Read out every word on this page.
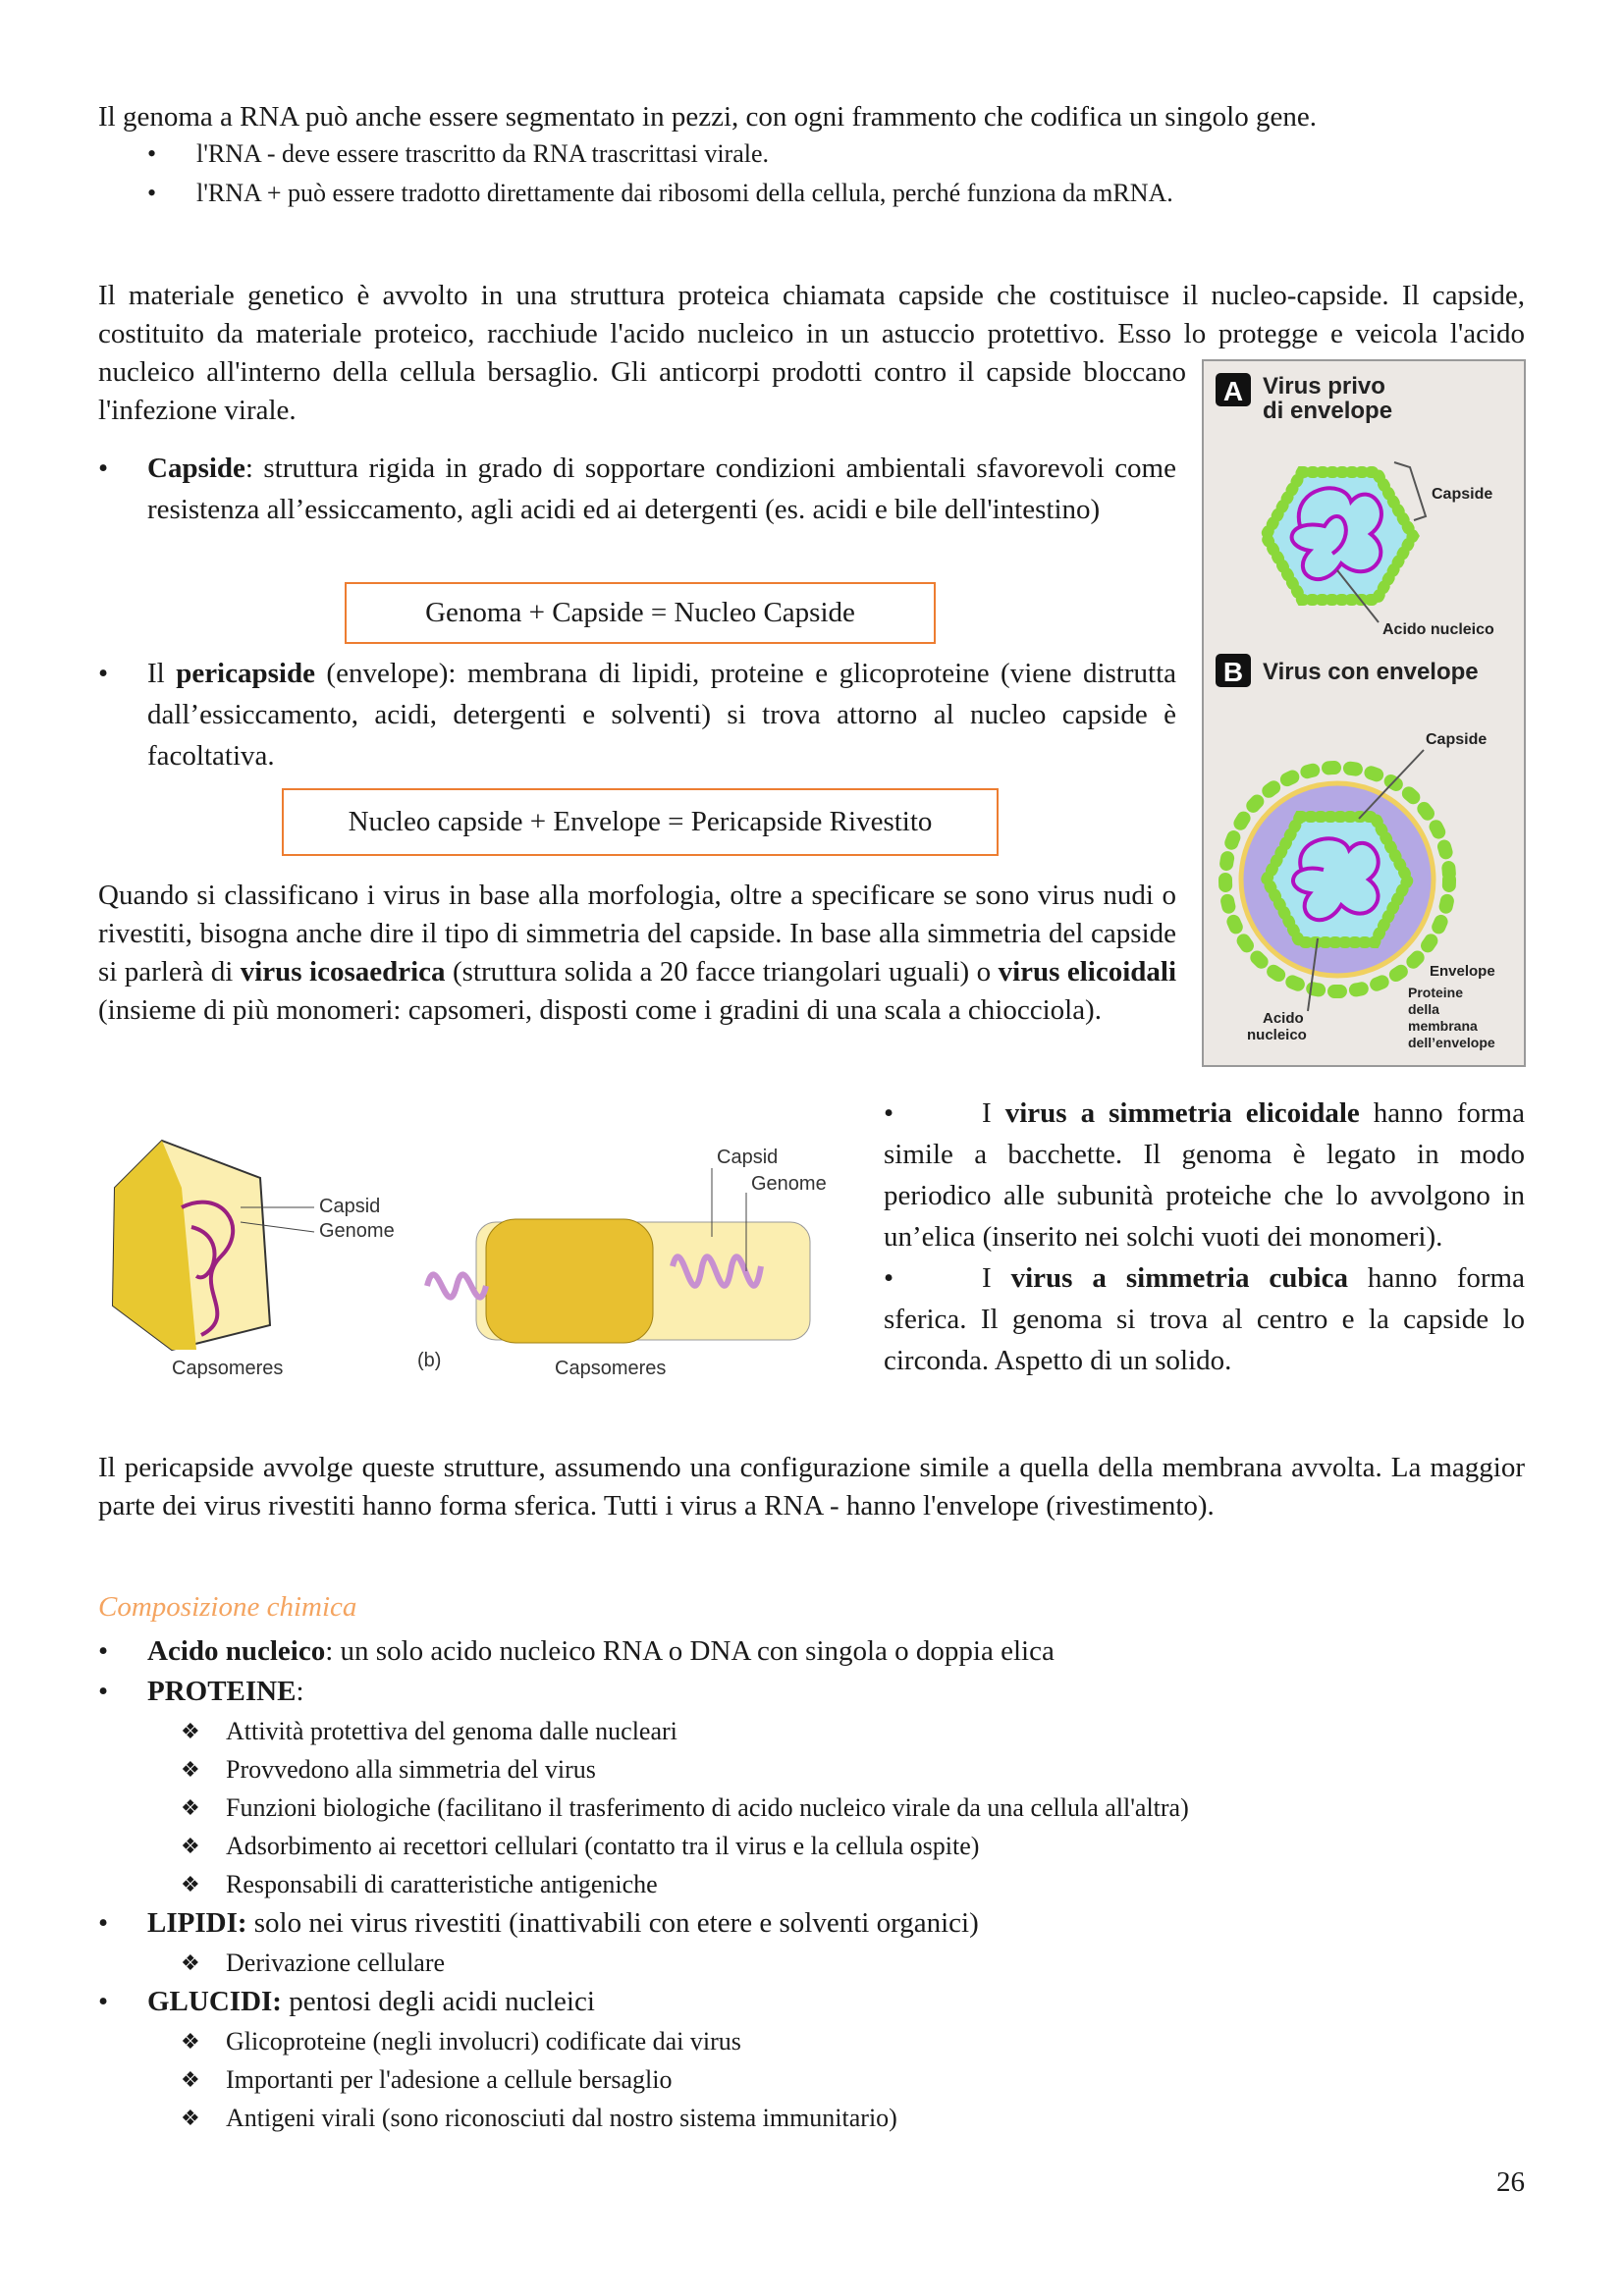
Il genoma a RNA può anche essere segmentato in pezzi, con ogni frammento che codifica un singolo gene.
• l'RNA - deve essere trascritto da RNA trascrittasi virale.
• l'RNA + può essere tradotto direttamente dai ribosomi della cellula, perché funziona da mRNA.
Il materiale genetico è avvolto in una struttura proteica chiamata capside che costituisce il nucleo-capside. Il capside, costituito da materiale proteico, racchiude l'acido nucleico in un astuccio protettivo. Esso lo protegge e veicola l'acido nucleico all'interno della cellula bersaglio. Gli anticorpi prodotti contro il capside bloccano l'infezione virale.
• Capside: struttura rigida in grado di sopportare condizioni ambientali sfavorevoli come resistenza all’essiccamento, agli acidi ed ai detergenti (es. acidi e bile dell'intestino)
Genoma + Capside = Nucleo Capside
• Il pericapside (envelope): membrana di lipidi, proteine e glicoproteine (viene distrutta dall’essiccamento, acidi, detergenti e solventi) si trova attorno al nucleo capside è facoltativa.
Nucleo capside + Envelope = Pericapside Rivestito
Quando si classificano i virus in base alla morfologia, oltre a specificare se sono virus nudi o rivestiti, bisogna anche dire il tipo di simmetria del capside. In base alla simmetria del capside si parlerà di virus icosaedrica (struttura solida a 20 facce triangolari uguali) o virus elicoidali (insieme di più monomeri: capsomeri, disposti come i gradini di una scala a chiocciola).
A Virus privo
di envelope
Capside
Acido nucleico
B Virus con envelope
Capside
Envelope
Proteine
della
membrana
dell’envelope
Acido
nucleico
Capsid
Genome
Capsomeres	(b)
Capsid
Genome
Capsomeres
•	I virus a simmetria elicoidale hanno forma simile a bacchette. Il genoma è legato in modo periodico alle subunità proteiche che lo avvolgono in un’elica (inserito nei solchi vuoti dei monomeri).
•	I virus a simmetria cubica hanno forma sferica. Il genoma si trova al centro e la capside lo circonda. Aspetto di un solido.
Il pericapside avvolge queste strutture, assumendo una configurazione simile a quella della membrana avvolta. La maggior parte dei virus rivestiti hanno forma sferica. Tutti i virus a RNA - hanno l'envelope (rivestimento).
Composizione chimica
• Acido nucleico: un solo acido nucleico RNA o DNA con singola o doppia elica
• PROTEINE:
❖ Attività protettiva del genoma dalle nucleari
❖ Provvedono alla simmetria del virus
❖ Funzioni biologiche (facilitano il trasferimento di acido nucleico virale da una cellula all'altra)
❖ Adsorbimento ai recettori cellulari (contatto tra il virus e la cellula ospite)
❖ Responsabili di caratteristiche antigeniche
• LIPIDI: solo nei virus rivestiti (inattivabili con etere e solventi organici)
❖ Derivazione cellulare
• GLUCIDI: pentosi degli acidi nucleici
❖ Glicoproteine (negli involucri) codificate dai virus
❖ Importanti per l'adesione a cellule bersaglio
❖ Antigeni virali (sono riconosciuti dal nostro sistema immunitario)
26
